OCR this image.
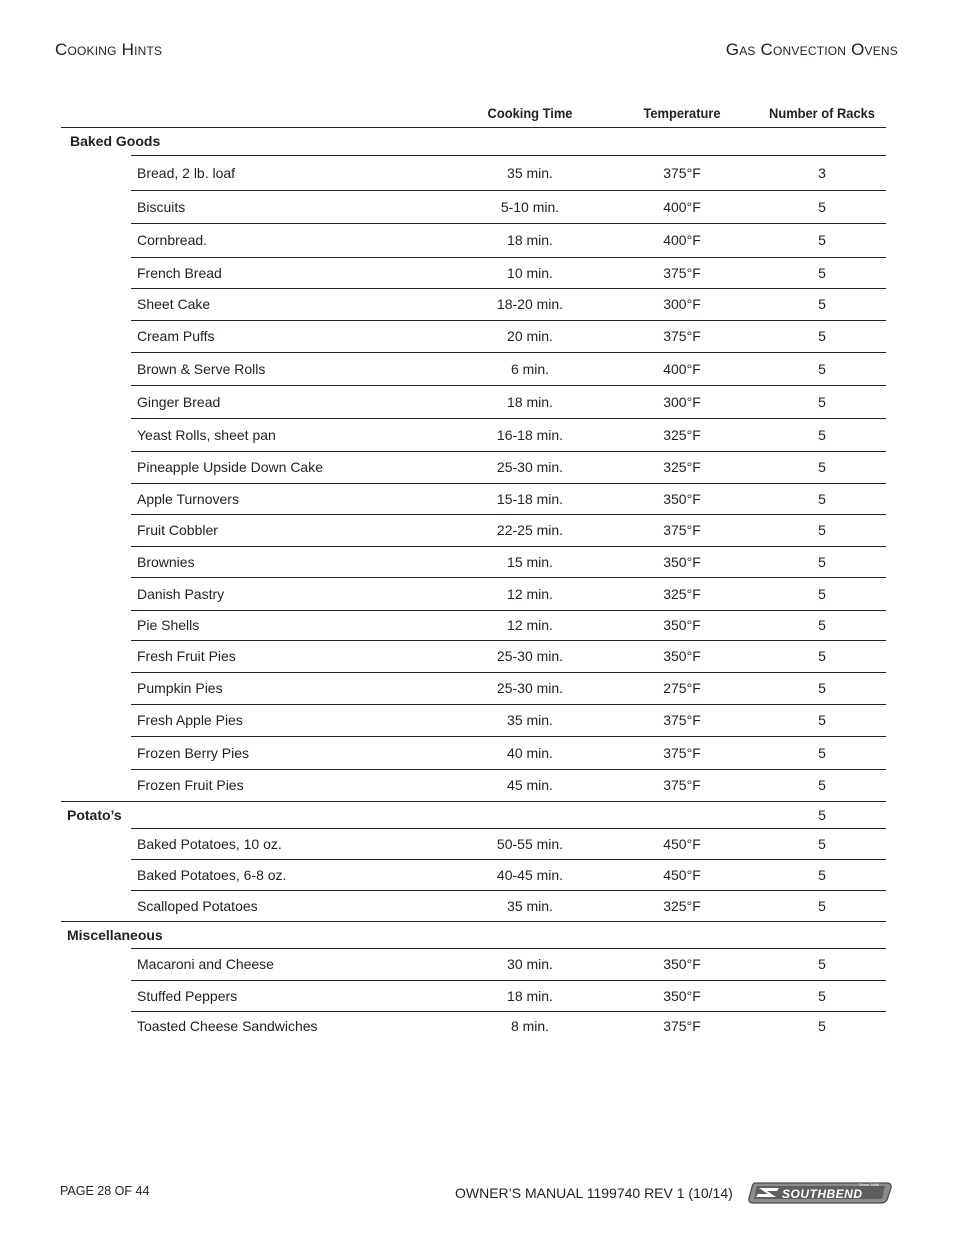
Cooking Hints	Gas Convection Ovens
Cooking Time	Temperature	Number of Racks
Baked Goods
Bread, 2 lb. loaf	35 min.	375°F	3
Biscuits	5-10 min.	400°F	5
Cornbread.	18 min.	400°F	5
French Bread	10 min.	375°F	5
Sheet Cake	18-20 min.	300°F	5
Cream Puffs	20 min.	375°F	5
Brown & Serve Rolls	6 min.	400°F	5
Ginger Bread	18 min.	300°F	5
Yeast Rolls, sheet pan	16-18 min.	325°F	5
Pineapple Upside Down Cake	25-30 min.	325°F	5
Apple Turnovers	15-18 min.	350°F	5
Fruit Cobbler	22-25 min.	375°F	5
Brownies	15 min.	350°F	5
Danish Pastry	12 min.	325°F	5
Pie Shells	12 min.	350°F	5
Fresh Fruit Pies	25-30 min.	350°F	5
Pumpkin Pies	25-30 min.	275°F	5
Fresh Apple Pies	35 min.	375°F	5
Frozen Berry Pies	40 min.	375°F	5
Frozen Fruit Pies	45 min.	375°F	5
Potato’s	5
Baked Potatoes, 10 oz.	50-55 min.	450°F	5
Baked Potatoes, 6-8 oz.	40-45 min.	450°F	5
Scalloped Potatoes	35 min.	325°F	5
Miscellaneous
Macaroni and Cheese	30 min.	350°F	5
Stuffed Peppers	18 min.	350°F	5
Toasted Cheese Sandwiches	8 min.	375°F	5
PAGE 28 OF 44	OWNER’S MANUAL 1199740 REV 1 (10/14)	SOUTHBEND
Since 1898
